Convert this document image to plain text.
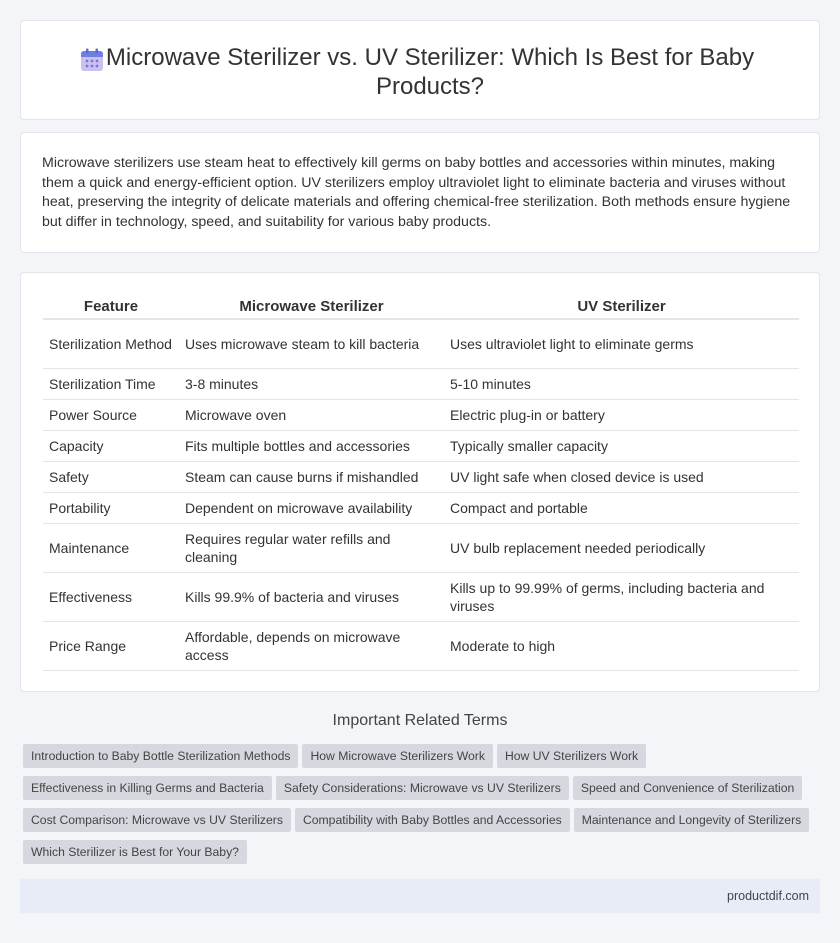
Microwave Sterilizer vs. UV Sterilizer: Which Is Best for Baby Products?

Microwave sterilizers use steam heat to effectively kill germs on baby bottles and accessories within minutes, making them a quick and energy-efficient option. UV sterilizers employ ultraviolet light to eliminate bacteria and viruses without heat, preserving the integrity of delicate materials and offering chemical-free sterilization. Both methods ensure hygiene but differ in technology, speed, and suitability for various baby products.

Feature	Microwave Sterilizer	UV Sterilizer
Sterilization Method	Uses microwave steam to kill bacteria	Uses ultraviolet light to eliminate germs
Sterilization Time	3-8 minutes	5-10 minutes
Power Source	Microwave oven	Electric plug-in or battery
Capacity	Fits multiple bottles and accessories	Typically smaller capacity
Safety	Steam can cause burns if mishandled	UV light safe when closed device is used
Portability	Dependent on microwave availability	Compact and portable
Maintenance	Requires regular water refills and cleaning	UV bulb replacement needed periodically
Effectiveness	Kills 99.9% of bacteria and viruses	Kills up to 99.99% of germs, including bacteria and viruses
Price Range	Affordable, depends on microwave access	Moderate to high
Important Related Terms
Introduction to Baby Bottle Sterilization Methods How Microwave Sterilizers Work How UV Sterilizers Work
Effectiveness in Killing Germs and Bacteria Safety Considerations: Microwave vs UV Sterilizers Speed and Convenience of Sterilization
Cost Comparison: Microwave vs UV Sterilizers Compatibility with Baby Bottles and Accessories Maintenance and Longevity of Sterilizers
Which Sterilizer is Best for Your Baby?
productdif.com
